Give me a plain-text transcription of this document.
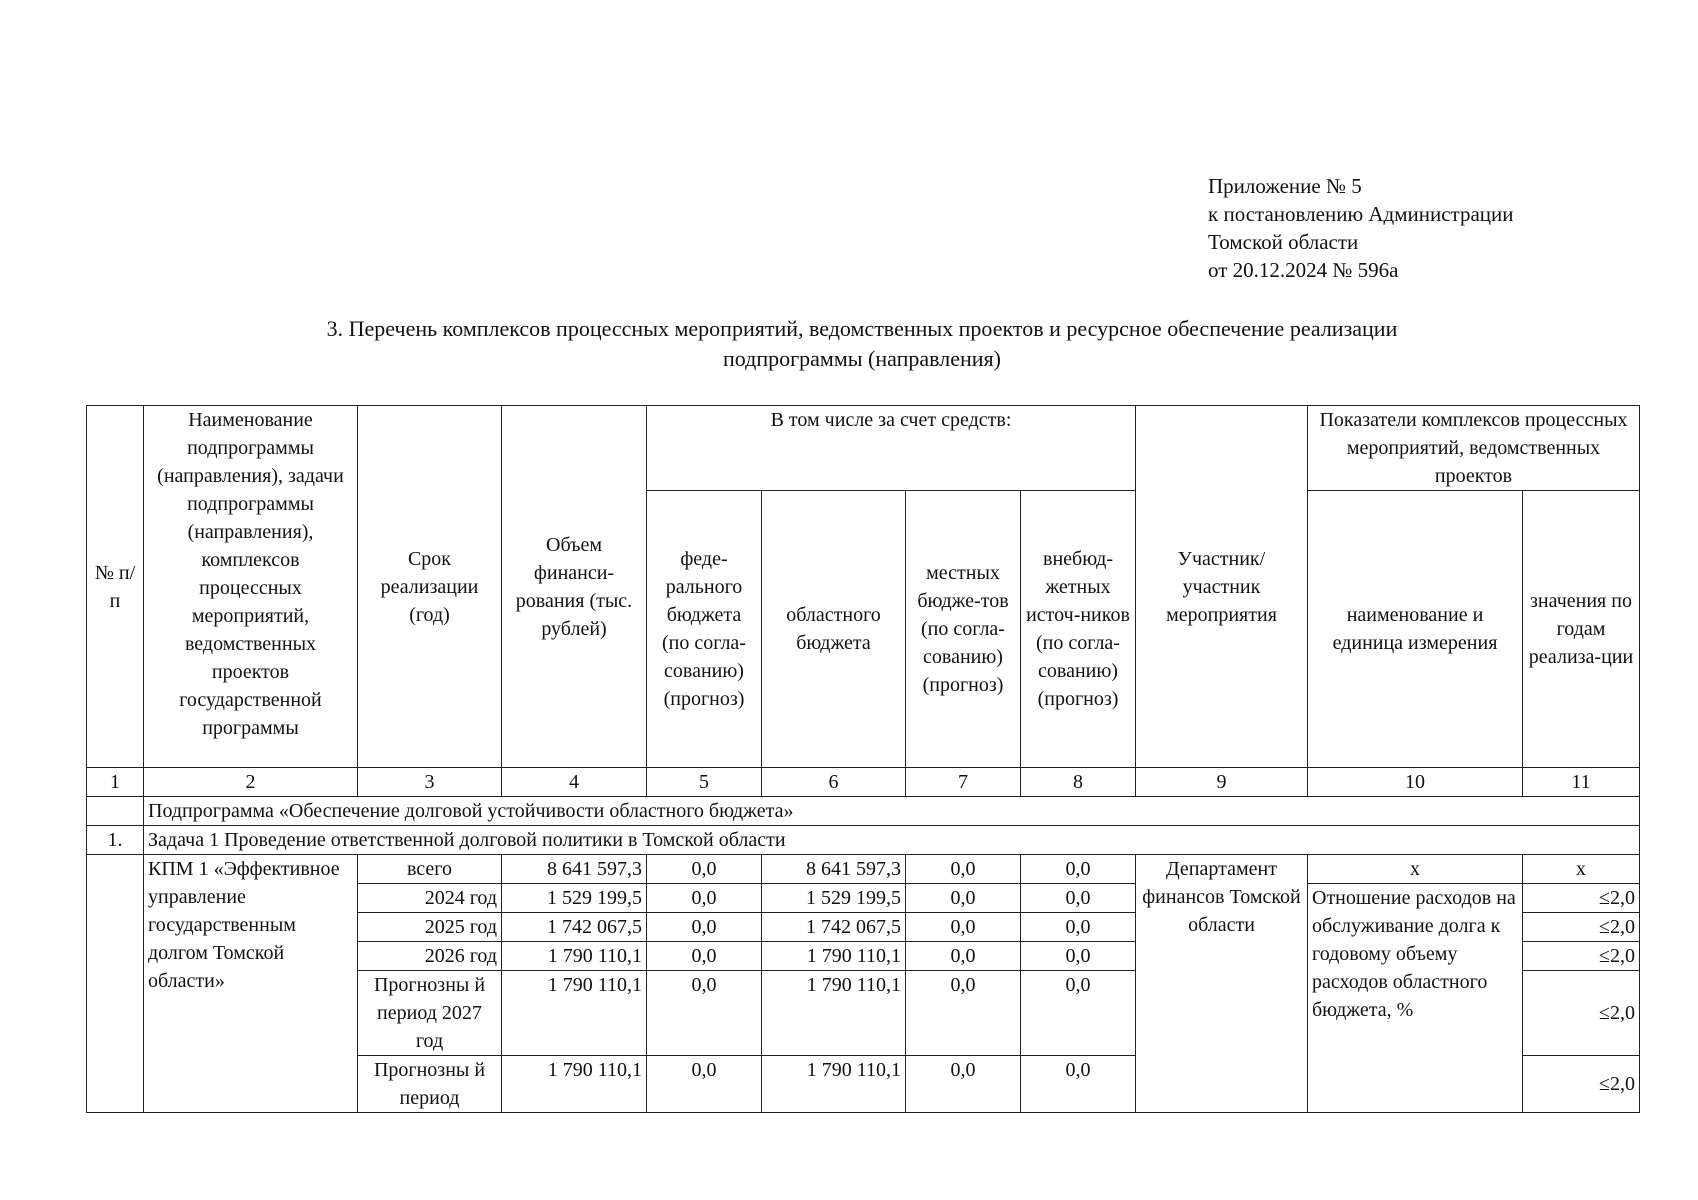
Приложение № 5
к постановлению Администрации
Томской области
от 20.12.2024 № 596а
3. Перечень комплексов процессных мероприятий, ведомственных проектов и ресурсное обеспечение реализации
подпрограммы (направления)
№ п/п	Наименование подпрограммы (направления), задачи подпрограммы (направления), комплексов процессных мероприятий, ведомственных проектов государственной программы	Срок реализации (год)	Объем финанси-рования (тыс. рублей)	В том числе за счет средств:				Участник/ участник мероприятия	Показатели комплексов процессных мероприятий, ведомственных проектов	
				феде-рального бюджета (по согла-сованию) (прогноз)	областного бюджета	местных бюдже-тов (по согла-сованию) (прогноз)	внебюд-жетных источ-ников (по согла-сованию) (прогноз)		наименование и единица измерения	значения по годам реализа-ции

1	2	3	4	5	6	7	8	9	10	11
	Подпрограмма «Обеспечение долговой устойчивости областного бюджета»									
1.	Задача 1 Проведение ответственной долговой политики в Томской области									
	КПМ 1 «Эффективное управление государственным долгом Томской области»	всего	8 641 597,3	0,0	8 641 597,3	0,0	0,0	Департамент финансов Томской области	х	х
		2024 год	1 529 199,5	0,0	1 529 199,5	0,0	0,0		Отношение расходов на обслуживание долга к годовому объему расходов областного бюджета, %	≤2,0
		2025 год	1 742 067,5	0,0	1 742 067,5	0,0	0,0			≤2,0
		2026 год	1 790 110,1	0,0	1 790 110,1	0,0	0,0			≤2,0
		Прогнозны й период 2027 год	1 790 110,1	0,0	1 790 110,1	0,0	0,0			≤2,0
		Прогнозны й период	1 790 110,1	0,0	1 790 110,1	0,0	0,0			≤2,0
